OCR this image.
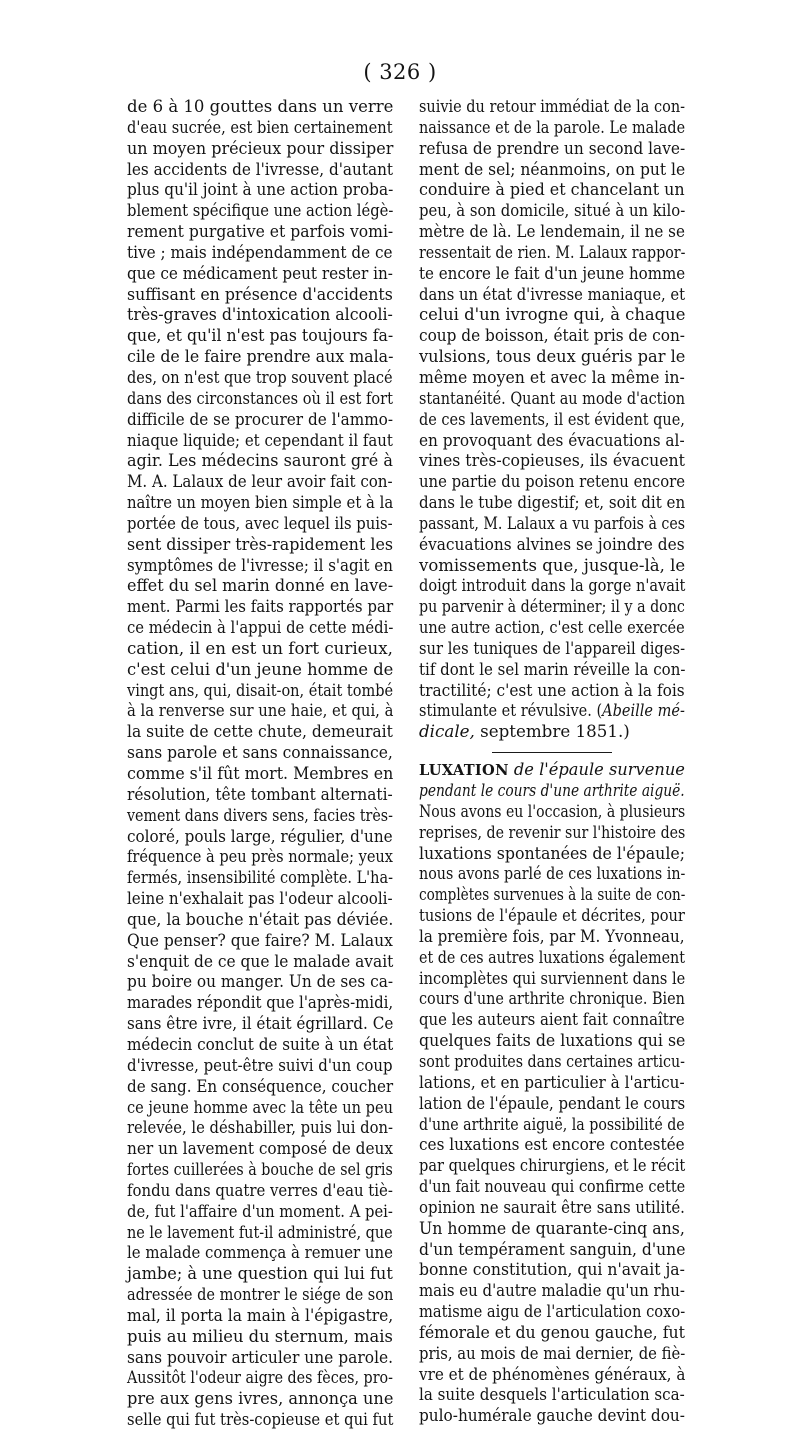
( 326 )
de 6 à 10 gouttes dans un verre
d'eau sucrée, est bien certainement
un moyen précieux pour dissiper
les accidents de l'ivresse, d'autant
plus qu'il joint à une action proba-
blement spécifique une action légè-
rement purgative et parfois vomi-
tive ; mais indépendamment de ce
que ce médicament peut rester in-
suffisant en présence d'accidents
très-graves d'intoxication alcooli-
que, et qu'il n'est pas toujours fa-
cile de le faire prendre aux mala-
des, on n'est que trop souvent placé
dans des circonstances où il est fort
difficile de se procurer de l'ammo-
niaque liquide; et cependant il faut
agir. Les médecins sauront gré à
M. A. Lalaux de leur avoir fait con-
naître un moyen bien simple et à la
portée de tous, avec lequel ils puis-
sent dissiper très-rapidement les
symptômes de l'ivresse; il s'agit en
effet du sel marin donné en lave-
ment. Parmi les faits rapportés par
ce médecin à l'appui de cette médi-
cation, il en est un fort curieux,
c'est celui d'un jeune homme de
vingt ans, qui, disait-on, était tombé
à la renverse sur une haie, et qui, à
la suite de cette chute, demeurait
sans parole et sans connaissance,
comme s'il fût mort. Membres en
résolution, tête tombant alternati-
vement dans divers sens, facies très-
coloré, pouls large, régulier, d'une
fréquence à peu près normale; yeux
fermés, insensibilité complète. L'ha-
leine n'exhalait pas l'odeur alcooli-
que, la bouche n'était pas déviée.
Que penser? que faire? M. Lalaux
s'enquit de ce que le malade avait
pu boire ou manger. Un de ses ca-
marades répondit que l'après-midi,
sans être ivre, il était égrillard. Ce
médecin conclut de suite à un état
d'ivresse, peut-être suivi d'un coup
de sang. En conséquence, coucher
ce jeune homme avec la tête un peu
relevée, le déshabiller, puis lui don-
ner un lavement composé de deux
fortes cuillerées à bouche de sel gris
fondu dans quatre verres d'eau tiè-
de, fut l'affaire d'un moment. A pei-
ne le lavement fut-il administré, que
le malade commença à remuer une
jambe; à une question qui lui fut
adressée de montrer le siége de son
mal, il porta la main à l'épigastre,
puis au milieu du sternum, mais
sans pouvoir articuler une parole.
Aussitôt l'odeur aigre des fèces, pro-
pre aux gens ivres, annonça une
selle qui fut très-copieuse et qui fut
suivie du retour immédiat de la con-
naissance et de la parole. Le malade
refusa de prendre un second lave-
ment de sel; néanmoins, on put le
conduire à pied et chancelant un
peu, à son domicile, situé à un kilo-
mètre de là. Le lendemain, il ne se
ressentait de rien. M. Lalaux rappor-
te encore le fait d'un jeune homme
dans un état d'ivresse maniaque, et
celui d'un ivrogne qui, à chaque
coup de boisson, était pris de con-
vulsions, tous deux guéris par le
même moyen et avec la même in-
stantanéité. Quant au mode d'action
de ces lavements, il est évident que,
en provoquant des évacuations al-
vines très-copieuses, ils évacuent
une partie du poison retenu encore
dans le tube digestif; et, soit dit en
passant, M. Lalaux a vu parfois à ces
évacuations alvines se joindre des
vomissements que, jusque-là, le
doigt introduit dans la gorge n'avait
pu parvenir à déterminer; il y a donc
une autre action, c'est celle exercée
sur les tuniques de l'appareil diges-
tif dont le sel marin réveille la con-
tractilité; c'est une action à la fois
stimulante et révulsive. (Abeille mé-
dicale, septembre 1851.)
LUXATION de l'épaule survenue
pendant le cours d'une arthrite aiguë.
Nous avons eu l'occasion, à plusieurs
reprises, de revenir sur l'histoire des
luxations spontanées de l'épaule;
nous avons parlé de ces luxations in-
complètes survenues à la suite de con-
tusions de l'épaule et décrites, pour
la première fois, par M. Yvonneau,
et de ces autres luxations également
incomplètes qui surviennent dans le
cours d'une arthrite chronique. Bien
que les auteurs aient fait connaître
quelques faits de luxations qui se
sont produites dans certaines articu-
lations, et en particulier à l'articu-
lation de l'épaule, pendant le cours
d'une arthrite aiguë, la possibilité de
ces luxations est encore contestée
par quelques chirurgiens, et le récit
d'un fait nouveau qui confirme cette
opinion ne saurait être sans utilité.
Un homme de quarante-cinq ans,
d'un tempérament sanguin, d'une
bonne constitution, qui n'avait ja-
mais eu d'autre maladie qu'un rhu-
matisme aigu de l'articulation coxo-
fémorale et du genou gauche, fut
pris, au mois de mai dernier, de fiè-
vre et de phénomènes généraux, à
la suite desquels l'articulation sca-
pulo-humérale gauche devint dou-
